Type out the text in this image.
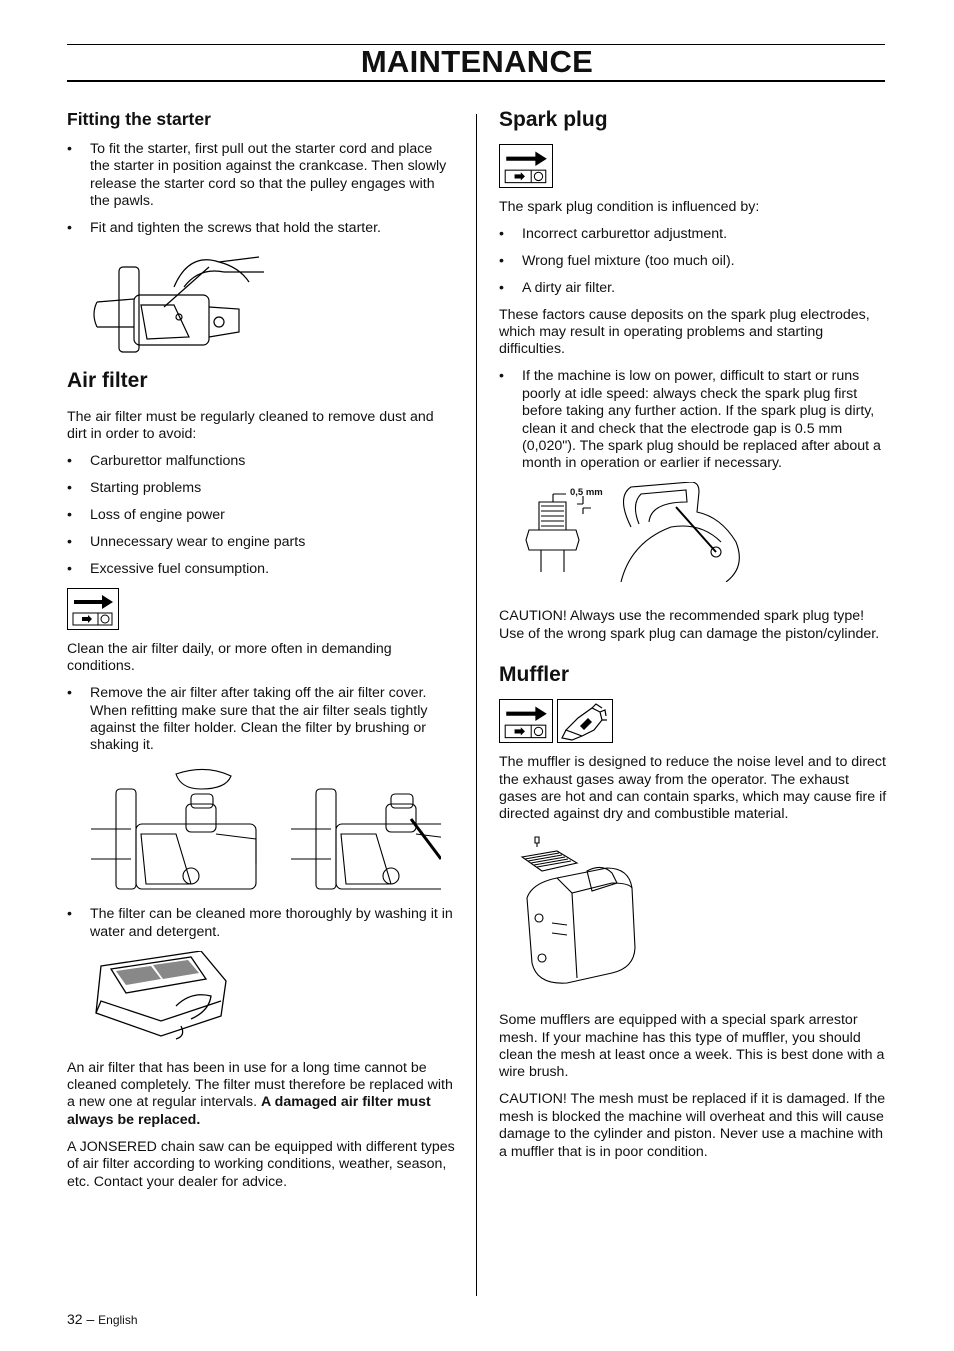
MAINTENANCE
Fitting the starter
• To fit the starter, first pull out the starter cord and place the starter in position against the crankcase. Then slowly release the starter cord so that the pulley engages with the pawls.
• Fit and tighten the screws that hold the starter.
Air filter

The air filter must be regularly cleaned to remove dust and dirt in order to avoid:

• Carburettor malfunctions
• Starting problems
• Loss of engine power
• Unnecessary wear to engine parts
• Excessive fuel consumption.

Clean the air filter daily, or more often in demanding conditions.

• Remove the air filter after taking off the air filter cover. When refitting make sure that the air filter seals tightly against the filter holder. Clean the filter by brushing or shaking it.
• The filter can be cleaned more thoroughly by washing it in water and detergent.

An air filter that has been in use for a long time cannot be cleaned completely. The filter must therefore be replaced with a new one at regular intervals. A damaged air filter must always be replaced.

A JONSERED chain saw can be equipped with different types of air filter according to working conditions, weather, season, etc. Contact your dealer for advice.

Spark plug

The spark plug condition is influenced by:

• Incorrect carburettor adjustment.
• Wrong fuel mixture (too much oil).
• A dirty air filter.

These factors cause deposits on the spark plug electrodes, which may result in operating problems and starting difficulties.

• If the machine is low on power, difficult to start or runs poorly at idle speed: always check the spark plug first before taking any further action. If the spark plug is dirty, clean it and check that the electrode gap is 0.5 mm (0,020"). The spark plug should be replaced after about a month in operation or earlier if necessary.
0,5 mm

CAUTION! Always use the recommended spark plug type! Use of the wrong spark plug can damage the piston/cylinder.

Muffler

The muffler is designed to reduce the noise level and to direct the exhaust gases away from the operator. The exhaust gases are hot and can contain sparks, which may cause fire if directed against dry and combustible material.

Some mufflers are equipped with a special spark arrestor mesh. If your machine has this type of muffler, you should clean the mesh at least once a week. This is best done with a wire brush.

CAUTION! The mesh must be replaced if it is damaged. If the mesh is blocked the machine will overheat and this will cause damage to the cylinder and piston. Never use a machine with a muffler that is in poor condition.

32 – English
